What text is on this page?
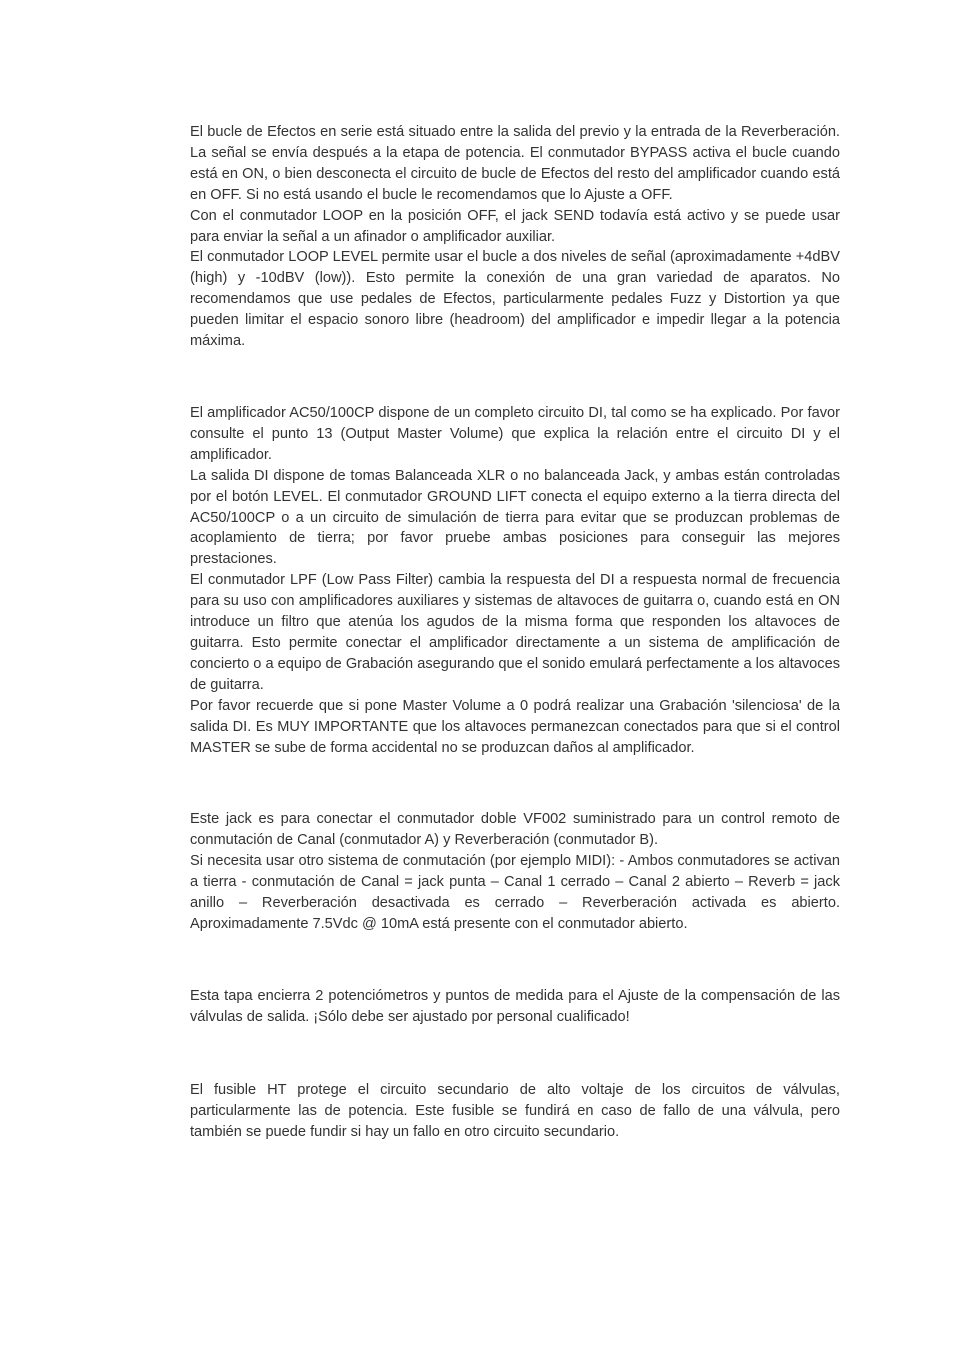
El bucle de Efectos en serie está situado entre la salida del previo y la entrada de la Reverberación. La señal se envía después a la etapa de potencia. El conmutador BYPASS activa el bucle cuando está en ON, o bien desconecta el circuito de bucle de Efectos del resto del amplificador cuando está en OFF. Si no está usando el bucle le recomendamos que lo Ajuste a OFF.

Con el conmutador LOOP en la posición OFF, el jack SEND todavía está activo y se puede usar para enviar la señal a un afinador o amplificador auxiliar.

El conmutador LOOP LEVEL permite usar el bucle a dos niveles de señal (aproximadamente +4dBV (high) y -10dBV (low)). Esto permite la conexión de una gran variedad de aparatos. No recomendamos que use pedales de Efectos, particularmente pedales Fuzz y Distortion ya que pueden limitar el espacio sonoro libre (headroom) del amplificador e impedir llegar a la potencia máxima.

El amplificador AC50/100CP dispone de un completo circuito DI, tal como se ha explicado. Por favor consulte el punto 13 (Output Master Volume) que explica la relación entre el circuito DI y el amplificador.

La salida DI dispone de tomas Balanceada XLR o no balanceada Jack, y ambas están controladas por el botón LEVEL. El conmutador GROUND LIFT conecta el equipo externo a la tierra directa del AC50/100CP o a un circuito de simulación de tierra para evitar que se produzcan problemas de acoplamiento de tierra; por favor pruebe ambas posiciones para conseguir las mejores prestaciones.

El conmutador LPF (Low Pass Filter) cambia la respuesta del DI a respuesta normal de frecuencia para su uso con amplificadores auxiliares y sistemas de altavoces de guitarra o, cuando está en ON introduce un filtro que atenúa los agudos de la misma forma que responden los altavoces de guitarra. Esto permite conectar el amplificador directamente a un sistema de amplificación de concierto o a equipo de Grabación asegurando que el sonido emulará perfectamente a los altavoces de guitarra.

Por favor recuerde que si pone Master Volume a 0 podrá realizar una Grabación 'silenciosa' de la salida DI. Es MUY IMPORTANTE que los altavoces permanezcan conectados para que si el control MASTER se sube de forma accidental no se produzcan daños al amplificador.

Este jack es para conectar el conmutador doble VF002 suministrado para un control remoto de conmutación de Canal (conmutador A) y Reverberación (conmutador B).

Si necesita usar otro sistema de conmutación (por ejemplo MIDI): - Ambos conmutadores se activan a tierra - conmutación de Canal = jack punta – Canal 1 cerrado – Canal 2 abierto – Reverb = jack anillo – Reverberación desactivada es cerrado – Reverberación activada es abierto. Aproximadamente 7.5Vdc @ 10mA está presente con el conmutador abierto.

Esta tapa encierra 2 potenciómetros y puntos de medida para el Ajuste de la compensación de las válvulas de salida. ¡Sólo debe ser ajustado por personal cualificado!

El fusible HT protege el circuito secundario de alto voltaje de los circuitos de válvulas, particularmente las de potencia. Este fusible se fundirá en caso de fallo de una válvula, pero también se puede fundir si hay un fallo en otro circuito secundario.
